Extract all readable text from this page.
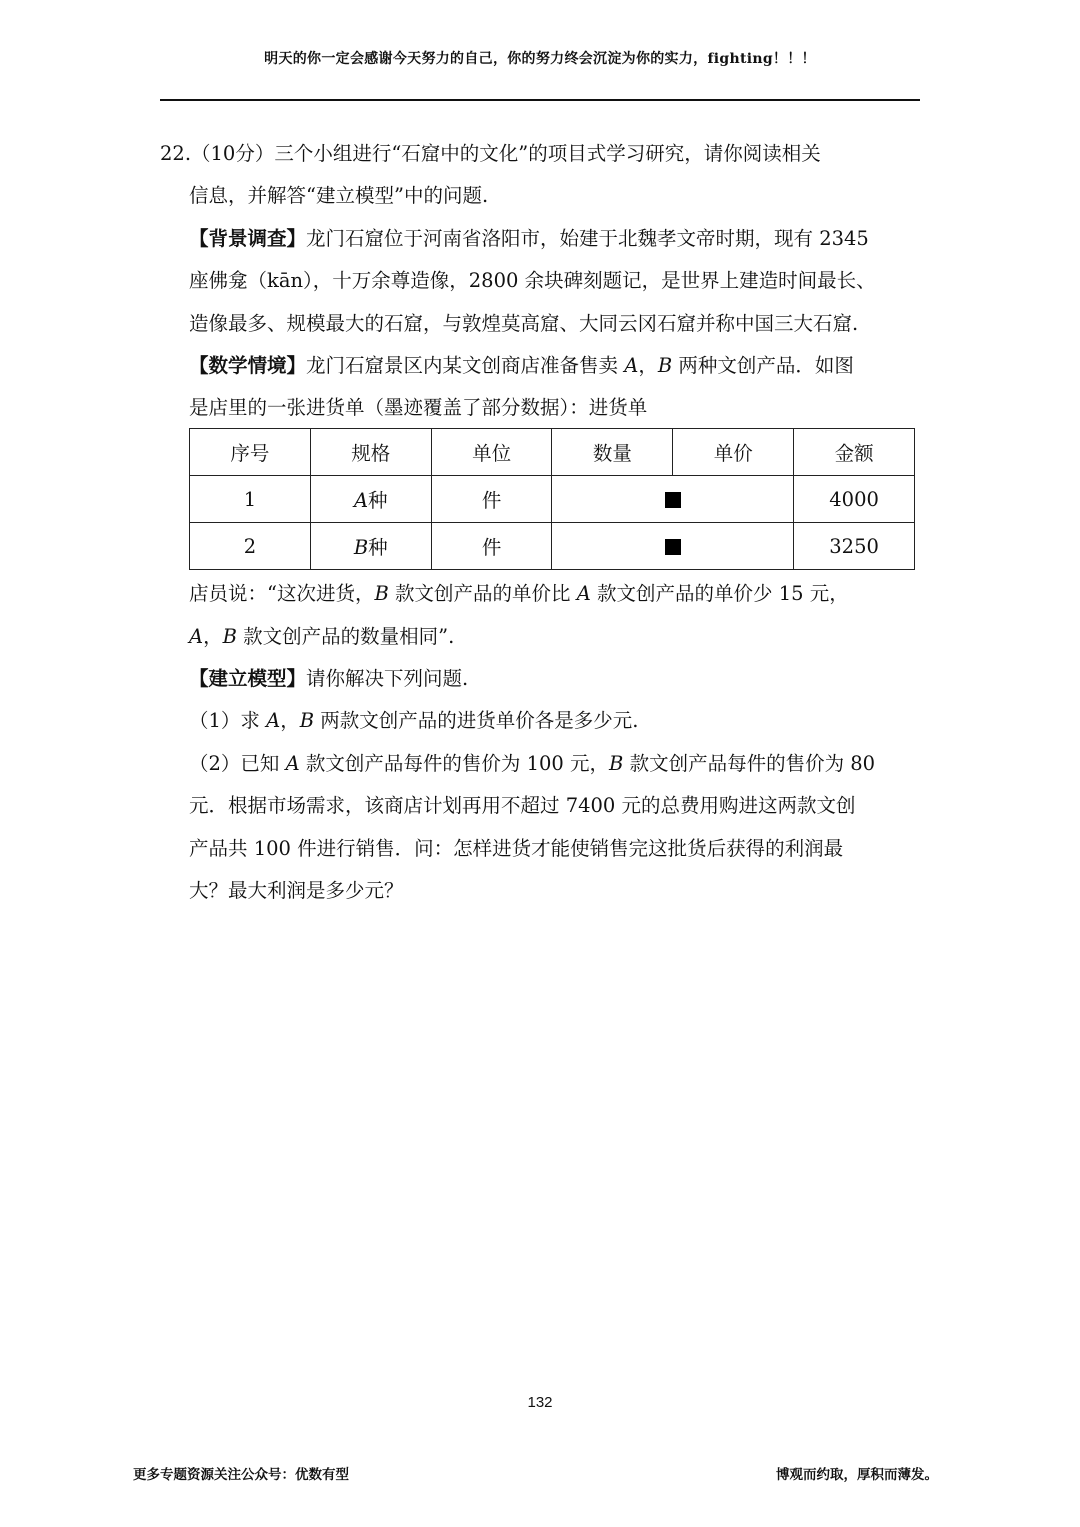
明天的你一定会感谢今天努力的自己，你的努力终会沉淀为你的实力，fighting！！！
22.（10分）三个小组进行“石窟中的文化”的项目式学习研究，请你阅读相关
信息，并解答“建立模型”中的问题.
【背景调查】龙门石窟位于河南省洛阳市，始建于北魏孝文帝时期，现有 2345
座佛龛（kān），十万余尊造像，2800 余块碑刻题记，是世界上建造时间最长、
造像最多、规模最大的石窟，与敦煌莫高窟、大同云冈石窟并称中国三大石窟.
【数学情境】龙门石窟景区内某文创商店准备售卖 A，B 两种文创产品．如图
是店里的一张进货单（墨迹覆盖了部分数据）：进货单
序号	规格	单位	数量	单价	金额
1	A种	件			4000
2	B种	件			3250
店员说：“这次进货，B 款文创产品的单价比 A 款文创产品的单价少 15 元，
A，B 款文创产品的数量相同”.
【建立模型】请你解决下列问题.
（1）求 A，B 两款文创产品的进货单价各是多少元.
（2）已知 A 款文创产品每件的售价为 100 元，B 款文创产品每件的售价为 80
元．根据市场需求，该商店计划再用不超过 7400 元的总费用购进这两款文创
产品共 100 件进行销售．问：怎样进货才能使销售完这批货后获得的利润最
大？最大利润是多少元？
132
更多专题资源关注公众号：优数有型	博观而约取，厚积而薄发。
